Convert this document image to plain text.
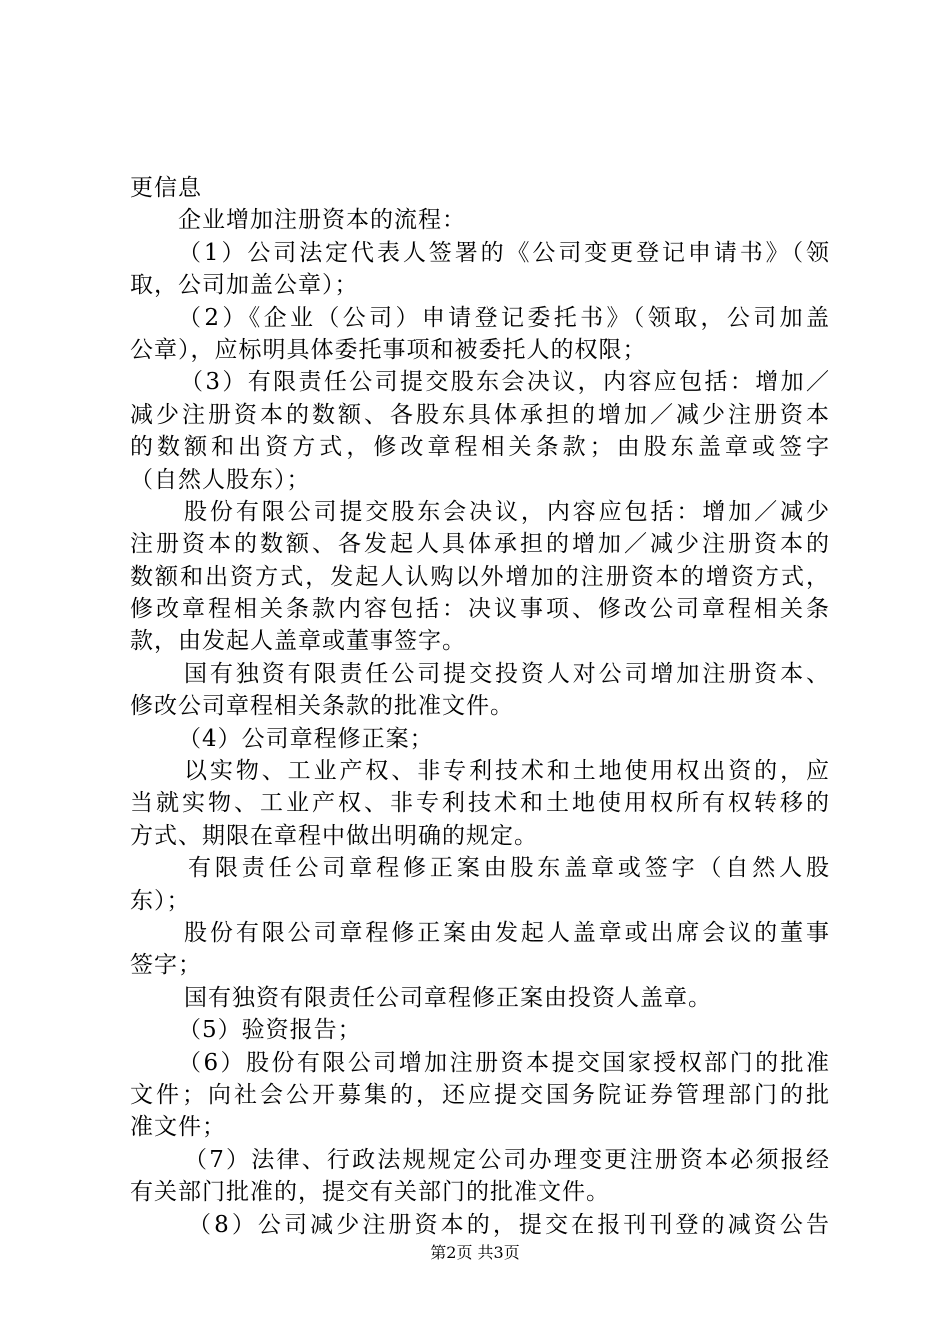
更信息
企业增加注册资本的流程：
（1）公司法定代表人签署的《公司变更登记申请书》（领
取，公司加盖公章）；
（2）《企业（公司）申请登记委托书》（领取，公司加盖
公章），应标明具体委托事项和被委托人的权限；
（3）有限责任公司提交股东会决议，内容应包括：增加／
减少注册资本的数额、各股东具体承担的增加／减少注册资本
的数额和出资方式，修改章程相关条款；由股东盖章或签字
（自然人股东）；
股份有限公司提交股东会决议，内容应包括：增加／减少
注册资本的数额、各发起人具体承担的增加／减少注册资本的
数额和出资方式，发起人认购以外增加的注册资本的增资方式，
修改章程相关条款内容包括：决议事项、修改公司章程相关条
款，由发起人盖章或董事签字。
国有独资有限责任公司提交投资人对公司增加注册资本、
修改公司章程相关条款的批准文件。
（4）公司章程修正案；
以实物、工业产权、非专利技术和土地使用权出资的，应
当就实物、工业产权、非专利技术和土地使用权所有权转移的
方式、期限在章程中做出明确的规定。
有限责任公司章程修正案由股东盖章或签字（自然人股
东）；
股份有限公司章程修正案由发起人盖章或出席会议的董事
签字；
国有独资有限责任公司章程修正案由投资人盖章。
（5）验资报告；
（6）股份有限公司增加注册资本提交国家授权部门的批准
文件；向社会公开募集的，还应提交国务院证券管理部门的批
准文件；
（7）法律、行政法规规定公司办理变更注册资本必须报经
有关部门批准的，提交有关部门的批准文件。
（8）公司减少注册资本的，提交在报刊刊登的减资公告
第2页 共3页
